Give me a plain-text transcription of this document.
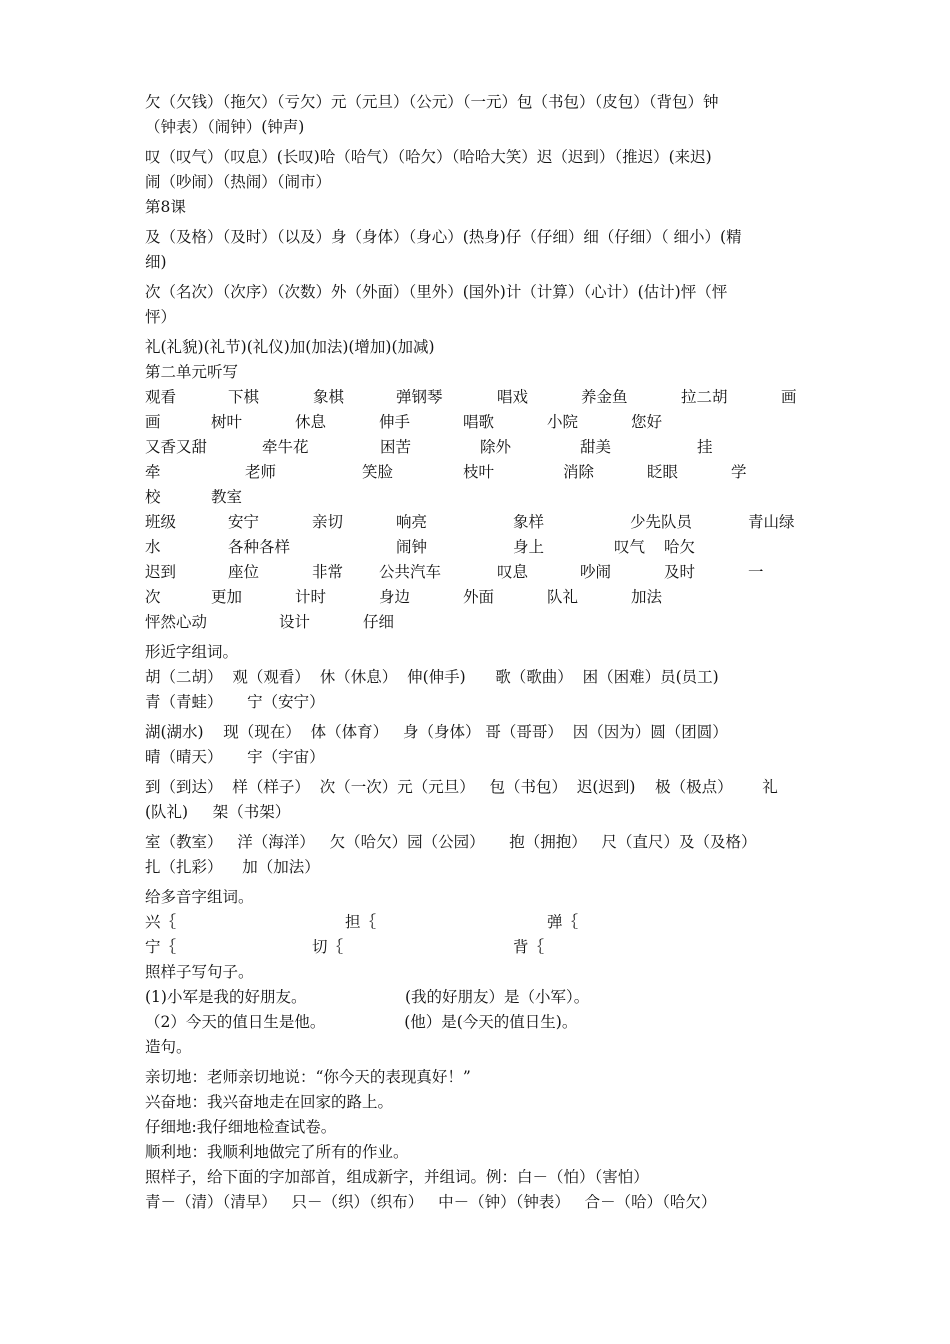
欠（欠钱）（拖欠）（亏欠）元（元旦）（公元）（一元）包（书包）（皮包）（背包）钟

（钟表）（闹钟）(钟声)

叹（叹气）（叹息）(长叹)哈（哈气）（哈欠）（哈哈大笑）迟（迟到）（推迟）(来迟)

闹（吵闹）（热闹）（闹市）

第8课

及（及格）（及时）（以及）身（身体）（身心）(热身)仔（仔细）细（仔细）（ 细小）(精

细)

次（名次）（次序）（次数）外（外面）（里外）(国外)计（计算）（心计）(估计)怦（怦

怦）

礼(礼貌)(礼节)(礼仪)加(加法)(增加)(加减)

第二单元听写

观看	下棋	象棋	弹钢琴	唱戏	养金鱼	拉二胡	画
画	树叶	休息	伸手	唱歌	小院	您好
又香又甜	牵牛花	困苦	除外	甜美	挂
牵	老师	笑脸	枝叶	消除	眨眼	学
校	教室
班级	安宁	亲切	响亮	象样	少先队员	青山绿
水	各种各样	闹钟	身上	叹气 哈欠
迟到	座位	非常 公共汽车	叹息	吵闹	及时	一
次	更加	计时	身边	外面	队礼	加法
怦然心动	设计	仔细

形近字组词。

胡（二胡）  观（观看）  休（休息）  伸(伸手)      歌（歌曲）  困（困难）员(员工)

青（青蛙）     宁（安宁）

湖(湖水)    现（现在）  体（体育）   身（身体） 哥（哥哥）  因（因为）圆（团圆）

晴（晴天）     宇（宇宙）

到（到达）  样（样子）  次（一次）元（元旦）   包（书包）  迟(迟到)    极（极点）      礼

(队礼)     架（书架）

室（教室）   洋（海洋）   欠（哈欠）园（公园）     抱（拥抱）   尺（直尺）及（及格）

扎（扎彩）    加（加法）

给多音字组词。

兴｛	担｛	弹｛
宁｛	切｛	背｛

照样子写句子。

(1)小军是我的好朋友。                    (我的好朋友）是（小军）。

（2）今天的值日生是他。                (他）是(今天的值日生)。

造句。

亲切地：老师亲切地说：“你今天的表现真好！”

兴奋地：我兴奋地走在回家的路上。

仔细地:我仔细地检查试卷。

顺利地：我顺利地做完了所有的作业。

照样子，给下面的字加部首，组成新字，并组词。例：白－（怕）（害怕）

青－（清）（清早）   只－（织）（织布）   中－（钟）（钟表）   合－（哈）（哈欠）
